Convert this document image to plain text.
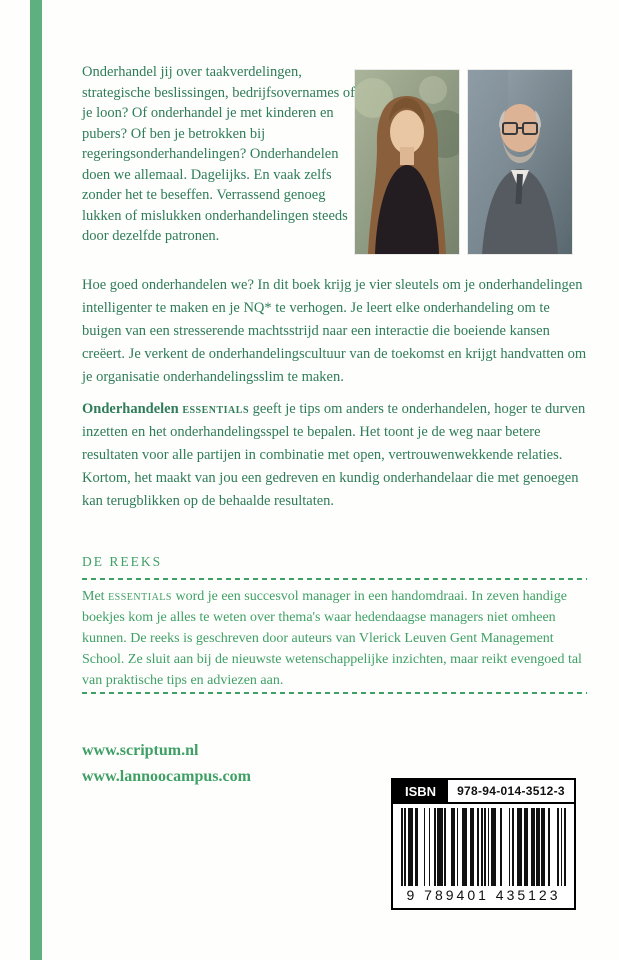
Onderhandel jij over taakverdelingen, strategische beslissingen, bedrijfsovernames of je loon? Of onderhandel je met kinderen en pubers? Of ben je betrokken bij regeringsonderhandelingen? Onderhandelen doen we allemaal. Dagelijks. En vaak zelfs zonder het te beseffen. Verrassend genoeg lukken of mislukken onderhandelingen steeds door dezelfde patronen.

Hoe goed onderhandelen we? In dit boek krijg je vier sleutels om je onderhandelingen intelligenter te maken en je NQ* te verhogen. Je leert elke onderhandeling om te buigen van een stresserende machtsstrijd naar een interactie die boeiende kansen creëert. Je verkent de onderhandelingscultuur van de toekomst en krijgt handvatten om je organisatie onderhandelingsslim te maken.

Onderhandelen essentials geeft je tips om anders te onderhandelen, hoger te durven inzetten en het onderhandelingsspel te bepalen. Het toont je de weg naar betere resultaten voor alle partijen in combinatie met open, vertrouwenwekkende relaties. Kortom, het maakt van jou een gedreven en kundig onderhandelaar die met genoegen kan terugblikken op de behaalde resultaten.

DE REEKS

Met essentials word je een succesvol manager in een handomdraai. In zeven handige boekjes kom je alles te weten over thema's waar hedendaagse managers niet omheen kunnen. De reeks is geschreven door auteurs van Vlerick Leuven Gent Management School. Ze sluit aan bij de nieuwste wetenschappelijke inzichten, maar reikt evengoed tal van praktische tips en adviezen aan.

www.scriptum.nl
www.lannoocampus.com
ISBN	978-94-014-3512-3
9 789401 435123
